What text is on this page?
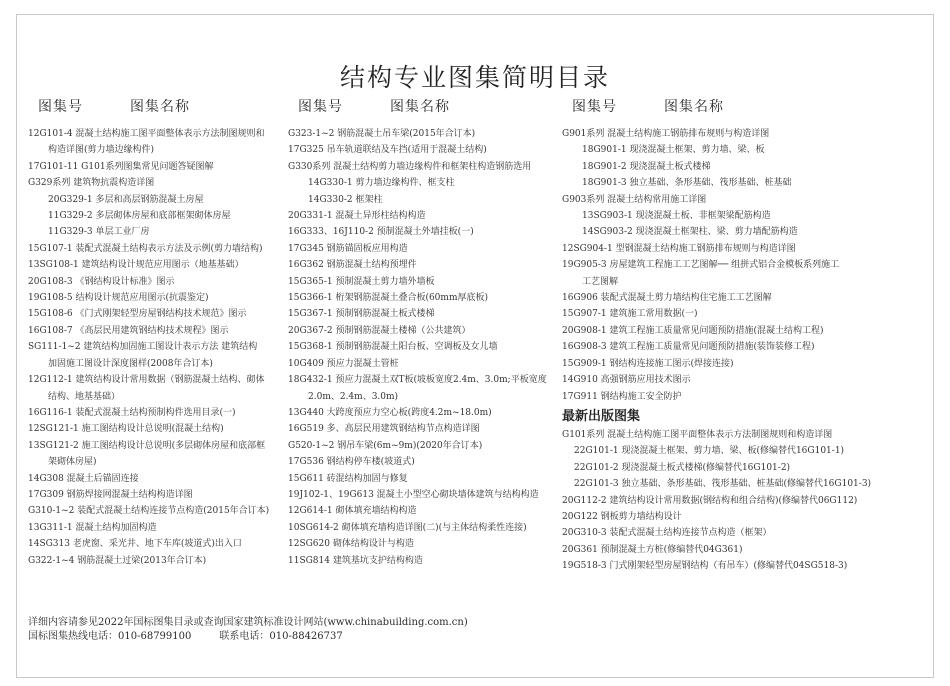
结构专业图集简明目录
图集号	图集名称
12G101-4 混凝土结构施工图平面整体表示方法制图规则和
构造详图(剪力墙边缘构件)
17G101-11 G101系列图集常见问题答疑图解
G329系列 建筑物抗震构造详图
20G329-1 多层和高层钢筋混凝土房屋
11G329-2 多层砌体房屋和底部框架砌体房屋
11G329-3 单层工业厂房
15G107-1 装配式混凝土结构表示方法及示例(剪力墙结构)
13SG108-1 建筑结构设计规范应用图示（地基基础）
20G108-3 《钢结构设计标准》图示
19G108-5 结构设计规范应用图示(抗震鉴定)
15G108-6 《门式刚架轻型房屋钢结构技术规范》图示
16G108-7 《高层民用建筑钢结构技术规程》图示
SG111-1~2 建筑结构加固施工图设计表示方法 建筑结构
加固施工图设计深度图样(2008年合订本)
12G112-1 建筑结构设计常用数据（钢筋混凝土结构、砌体
结构、地基基础）
16G116-1 装配式混凝土结构预制构件选用目录(一)
12SG121-1 施工图结构设计总说明(混凝土结构)
13SG121-2 施工图结构设计总说明(多层砌体房屋和底部框
架砌体房屋)
14G308 混凝土后锚固连接
17G309 钢筋焊接网混凝土结构构造详图
G310-1~2 装配式混凝土结构连接节点构造(2015年合订本)
13G311-1 混凝土结构加固构造
14SG313 老虎窗、采光井、地下车库(坡道式)出入口
G322-1~4 钢筋混凝土过梁(2013年合订本)
图集号	图集名称
G323-1~2 钢筋混凝土吊车梁(2015年合订本)
17G325 吊车轨道联结及车挡(适用于混凝土结构)
G330系列 混凝土结构剪力墙边缘构件和框架柱构造钢筋选用
14G330-1 剪力墙边缘构件、框支柱
14G330-2 框架柱
20G331-1 混凝土异形柱结构构造
16G333、16J110-2 预制混凝土外墙挂板(一)
17G345 钢筋锚固板应用构造
16G362 钢筋混凝土结构预埋件
15G365-1 预制混凝土剪力墙外墙板
15G366-1 桁架钢筋混凝土叠合板(60mm厚底板)
15G367-1 预制钢筋混凝土板式楼梯
20G367-2 预制钢筋混凝土楼梯（公共建筑）
15G368-1 预制钢筋混凝土阳台板、空调板及女儿墙
10G409 预应力混凝土管桩
18G432-1 预应力混凝土双T板(坡板宽度2.4m、3.0m;平板宽度
2.0m、2.4m、3.0m)
13G440 大跨度预应力空心板(跨度4.2m~18.0m)
16G519 多、高层民用建筑钢结构节点构造详图
G520-1~2 钢吊车梁(6m~9m)(2020年合订本)
17G536 钢结构停车楼(坡道式)
15G611 砖混结构加固与修复
19J102-1、19G613 混凝土小型空心砌块墙体建筑与结构构造
12G614-1 砌体填充墙结构构造
10SG614-2 砌体填充墙构造详图(二)(与主体结构柔性连接)
12SG620 砌体结构设计与构造
11SG814 建筑基坑支护结构构造
图集号	图集名称
G901系列 混凝土结构施工钢筋排布规则与构造详图
18G901-1 现浇混凝土框架、剪力墙、梁、板
18G901-2 现浇混凝土板式楼梯
18G901-3 独立基础、条形基础、筏形基础、桩基础
G903系列 混凝土结构常用施工详图
13SG903-1 现浇混凝土板、非框架梁配筋构造
14SG903-2 现浇混凝土框架柱、梁、剪力墙配筋构造
12SG904-1 型钢混凝土结构施工钢筋排布规则与构造详图
19G905-3 房屋建筑工程施工工艺图解── 组拼式铝合金模板系列施工
工艺图解
16G906 装配式混凝土剪力墙结构住宅施工工艺图解
15G907-1 建筑施工常用数据(一)
20G908-1 建筑工程施工质量常见问题预防措施(混凝土结构工程)
16G908-3 建筑工程施工质量常见问题预防措施(装饰装修工程)
15G909-1 钢结构连接施工图示(焊接连接)
14G910 高强钢筋应用技术图示
17G911 钢结构施工安全防护
最新出版图集
G101系列 混凝土结构施工图平面整体表示方法制图规则和构造详图
22G101-1 现浇混凝土框架、剪力墙、梁、板(修编替代16G101-1)
22G101-2 现浇混凝土板式楼梯(修编替代16G101-2)
22G101-3 独立基础、条形基础、筏形基础、桩基础(修编替代16G101-3)
20G112-2 建筑结构设计常用数据(钢结构和组合结构)(修编替代06G112)
20G122 钢板剪力墙结构设计
20G310-3 装配式混凝土结构连接节点构造（框架）
20G361 预制混凝土方桩(修编替代04G361)
19G518-3 门式刚架轻型房屋钢结构（有吊车）(修编替代04SG518-3)
详细内容请参见2022年国标图集目录或查询国家建筑标准设计网站(www.chinabuilding.com.cn)
国标图集热线电话：010-68799100	联系电话：010-88426737
